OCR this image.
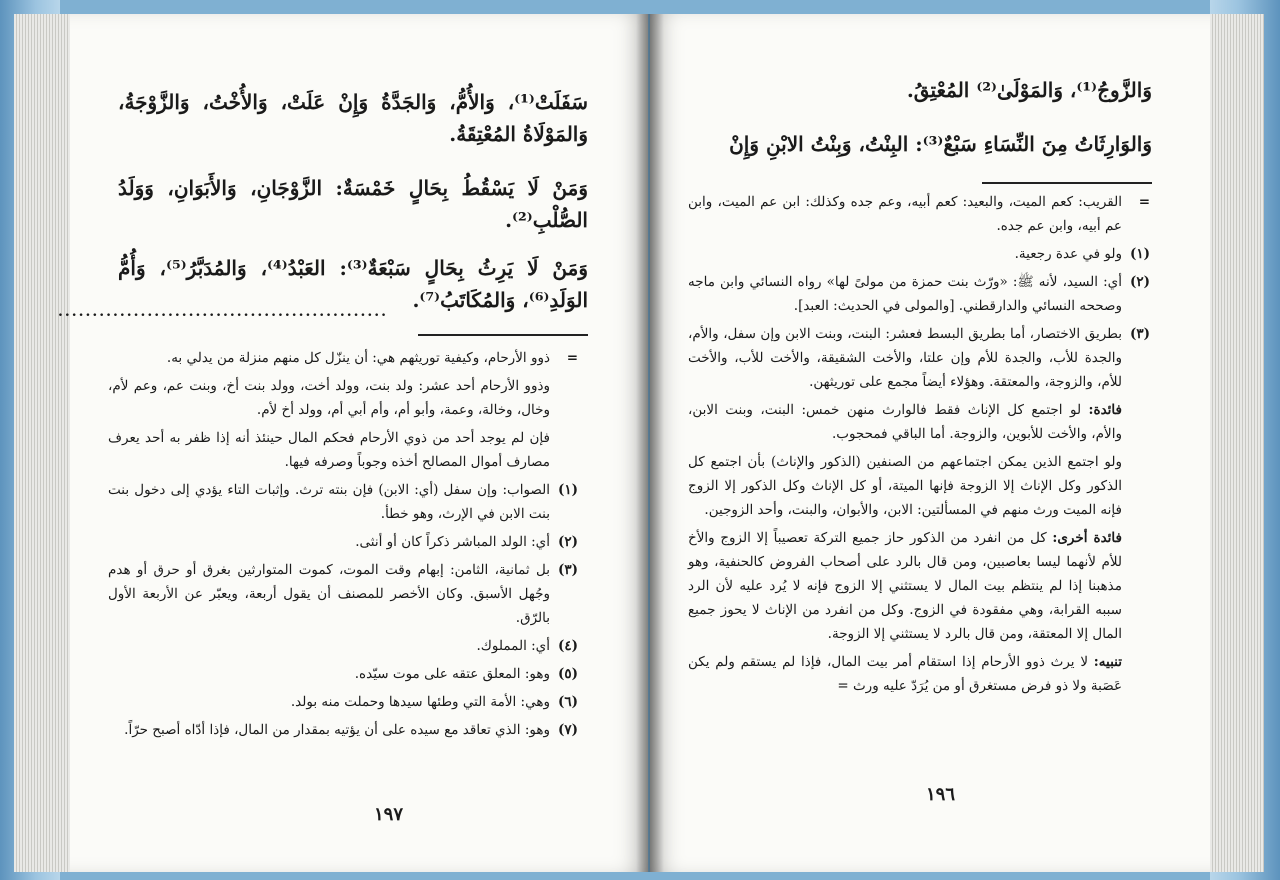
سَفَلَتْ⁽¹⁾، وَالأُمُّ، وَالجَدَّةُ وَإِنْ عَلَتْ، وَالأُخْتُ، وَالزَّوْجَةُ، وَالمَوْلَاةُ المُعْتِقَةُ.
وَمَنْ لَا يَسْقُطُ بِحَالٍ خَمْسَةٌ: الزَّوْجَانِ، وَالأَبَوَانِ، وَوَلَدُ الصُّلْبِ⁽²⁾.
وَمَنْ لَا يَرِثُ بِحَالٍ سَبْعَةٌ⁽³⁾: العَبْدُ⁽⁴⁾، وَالمُدَبَّرُ⁽⁵⁾، وَأُمُّ الوَلَدِ⁽⁶⁾، وَالمُكَاتَبُ⁽⁷⁾.
................................................
=
ذوو الأرحام، وكيفية توريثهم هي: أن ينزّل كل منهم منزلة من يدلي به.
وذوو الأرحام أحد عشر: ولد بنت، وولد أخت، وولد بنت أخ، وبنت عم، وعم لأم، وخال، وخالة، وعمة، وأبو أم، وأم أبي أم، وولد أخ لأم.
فإن لم يوجد أحد من ذوي الأرحام فحكم المال حينئذ أنه إذا ظفر به أحد يعرف مصارف أموال المصالح أخذه وجوباً وصرفه فيها.
(١)
الصواب: وإن سفل (أي: الابن) فإن بنته ترث. وإثبات التاء يؤدي إلى دخول بنت بنت الابن في الإرث، وهو خطأ.
(٢)
أي: الولد المباشر ذكراً كان أو أنثى.
(٣)
بل ثمانية، الثامن: إبهام وقت الموت، كموت المتوارثين بغرق أو حرق أو هدم وجُهل الأسبق. وكان الأخصر للمصنف أن يقول أربعة، ويعبّر عن الأربعة الأول بالرّق.
(٤)
أي: المملوك.
(٥)
وهو: المعلق عتقه على موت سيّده.
(٦)
وهي: الأمة التي وطئها سيدها وحملت منه بولد.
(٧)
وهو: الذي تعاقد مع سيده على أن يؤتيه بمقدار من المال، فإذا أدّاه أصبح حرّاً.
١٩٧
وَالزَّوجُ⁽¹⁾، وَالمَوْلَىٰ⁽²⁾ المُعْتِقُ.
وَالوَارِثَاتُ مِنَ النِّسَاءِ سَبْعٌ⁽³⁾: البِنْتُ، وَبِنْتُ الابْنِ وَإِنْ
=
القريب: كعم الميت، والبعيد: كعم أبيه، وعم جده وكذلك: ابن عم الميت، وابن عم أبيه، وابن عم جده.
(١)
ولو في عدة رجعية.
(٢)
أي: السيد، لأنه ﷺ: «ورّث بنت حمزة من مولىً لها» رواه النسائي وابن ماجه وصححه النسائي والدارقطني. [والمولى في الحديث: العبد].
(٣)
بطريق الاختصار، أما بطريق البسط فعشر: البنت، وبنت الابن وإن سفل، والأم، والجدة للأب، والجدة للأم وإن علتا، والأخت الشقيقة، والأخت للأب، والأخت للأم، والزوجة، والمعتقة. وهؤلاء أيضاً مجمع على توريثهن.
فائدة: لو اجتمع كل الإناث فقط فالوارث منهن خمس: البنت، وبنت الابن، والأم، والأخت للأبوين، والزوجة. أما الباقي فمحجوب.
ولو اجتمع الذين يمكن اجتماعهم من الصنفين (الذكور والإناث) بأن اجتمع كل الذكور وكل الإناث إلا الزوجة فإنها الميتة، أو كل الإناث وكل الذكور إلا الزوج فإنه الميت ورث منهم في المسألتين: الابن، والأبوان، والبنت، وأحد الزوجين.
فائدة أخرى: كل من انفرد من الذكور حاز جميع التركة تعصيباً إلا الزوج والأخ للأم لأنهما ليسا بعاصبين، ومن قال بالرد على أصحاب الفروض كالحنفية، وهو مذهبنا إذا لم ينتظم بيت المال لا يستثني إلا الزوج فإنه لا يُرد عليه لأن الرد سببه القرابة، وهي مفقودة في الزوج. وكل من انفرد من الإناث لا يحوز جميع المال إلا المعتقة، ومن قال بالرد لا يستثني إلا الزوجة.
تنبيه: لا يرث ذوو الأرحام إذا استقام أمر بيت المال، فإذا لم يستقم ولم يكن عَصَبة ولا ذو فرض مستغرق أو من يُرَدّ عليه ورث =
١٩٦
